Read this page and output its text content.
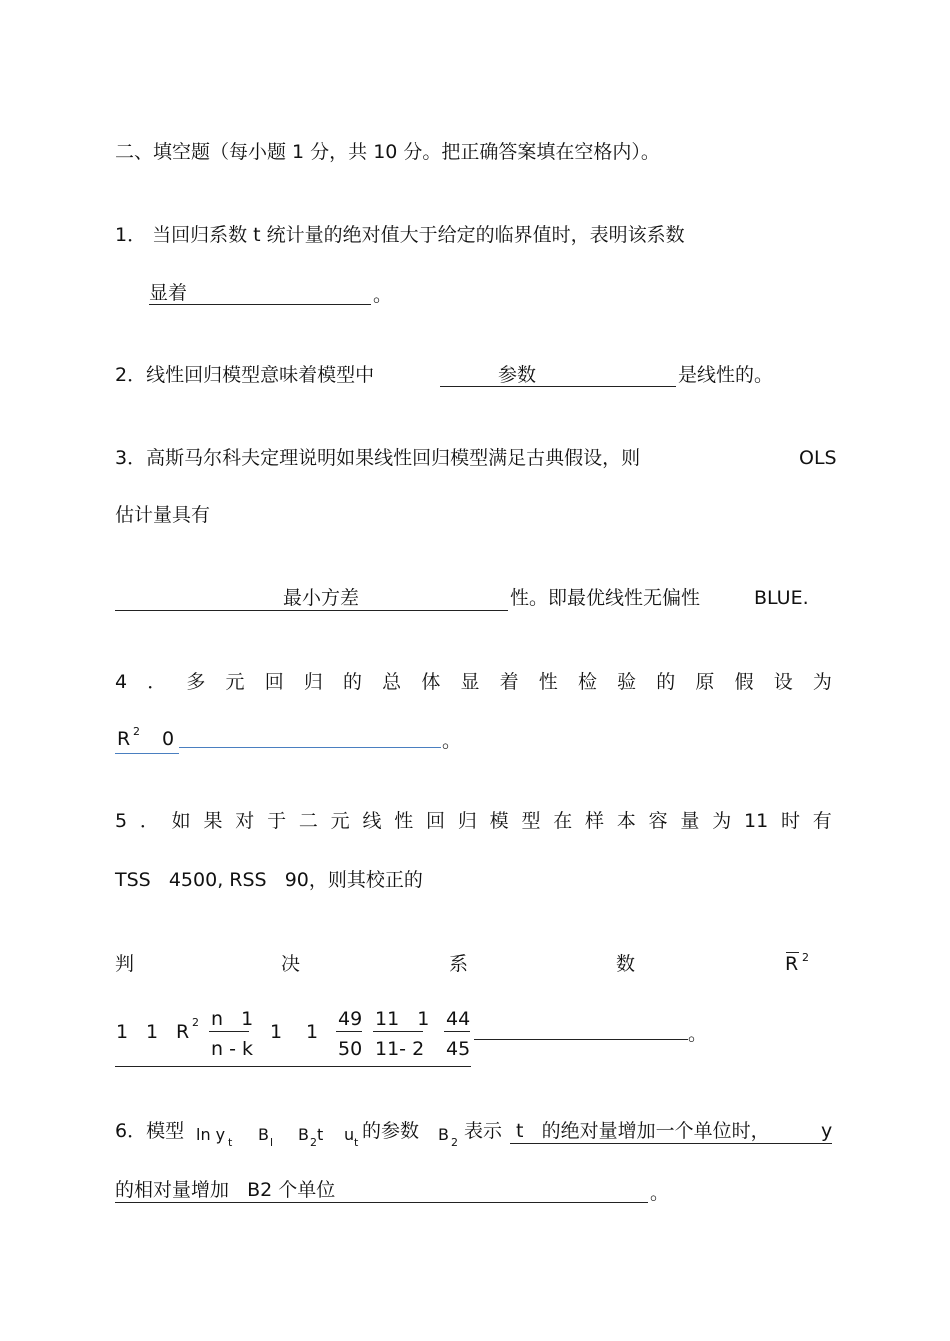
二、填空题（每小题 1 分，共 10 分。把正确答案填在空格内）。
1． 当回归系数 t 统计量的绝对值大于给定的临界值时，表明该系数
显着	。
2．线性回归模型意味着模型中	参数	是线性的。
3．高斯马尔科夫定理说明如果线性回归模型满足古典假设，则	OLS
估计量具有
最小方差	性。即最优线性无偏性	BLUE.
4 ． 多 元 回 归 的 总 体 显 着 性 检 验 的 原 假 设 为
R 2 0	。
5 ． 如 果 对 于 二 元 线 性 回 归 模 型 在 样 本 容 量 为 11 时 有
TSS   4500, RSS   90，则其校正的
判	决	系	数	R 2
1 1 R 2 n   1
n - k
1 1
49
50
11   1
11- 2
44
45
。
6．模型 ln y t B l B 2 t u t
的参数 B 2
表示 t   的绝对量增加一个单位时，	y
的相对量增加   B2 个单位	。
